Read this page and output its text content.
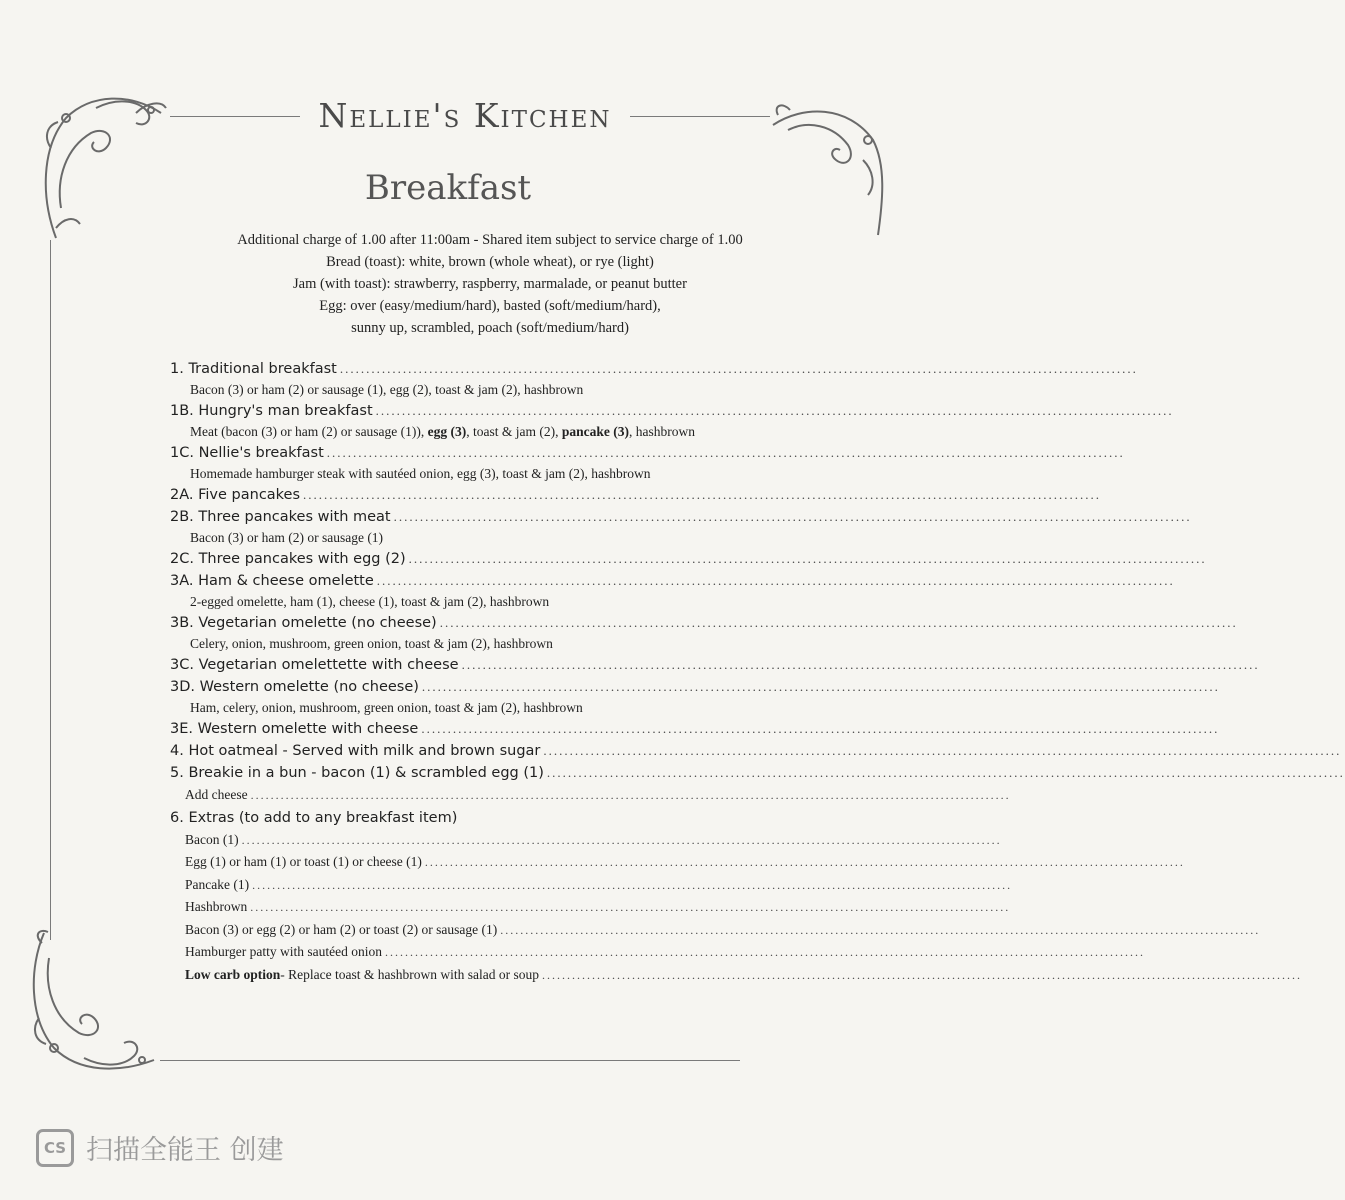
Nellie's Kitchen
Breakfast
Additional charge of 1.00 after 11:00am - Shared item subject to service charge of 1.00
Bread (toast): white, brown (whole wheat), or rye (light)
Jam (with toast): strawberry, raspberry, marmalade, or peanut butter
Egg: over (easy/medium/hard), basted (soft/medium/hard),
sunny up, scrambled, poach (soft/medium/hard)
1. Traditional breakfast ........................................................................................................................................................
Bacon (3) or ham (2) or sausage (1), egg (2), toast & jam (2), hashbrown
1B. Hungry's man breakfast ........................................................................................................................................................
Meat (bacon (3) or ham (2) or sausage (1)), egg (3), toast & jam (2), pancake (3), hashbrown
1C. Nellie's breakfast ........................................................................................................................................................
Homemade hamburger steak with sautéed onion, egg (3), toast & jam (2), hashbrown
2A. Five pancakes ........................................................................................................................................................
2B. Three pancakes with meat ........................................................................................................................................................
Bacon (3) or ham (2) or sausage (1)
2C. Three pancakes with egg (2) ........................................................................................................................................................
3A. Ham & cheese omelette ........................................................................................................................................................
2-egged omelette, ham (1), cheese (1), toast & jam (2), hashbrown
3B. Vegetarian omelette (no cheese) ........................................................................................................................................................
Celery, onion, mushroom, green onion, toast & jam (2), hashbrown
3C. Vegetarian omelettette with cheese ........................................................................................................................................................
3D. Western omelette (no cheese) ........................................................................................................................................................
Ham, celery, onion, mushroom, green onion, toast & jam (2), hashbrown
3E. Western omelette with cheese ........................................................................................................................................................
4. Hot oatmeal - Served with milk and brown sugar ........................................................................................................................................................
5. Breakie in a bun - bacon (1) & scrambled egg (1) ........................................................................................................................................................
Add cheese ........................................................................................................................................................
6. Extras (to add to any breakfast item)
Bacon (1) ........................................................................................................................................................
Egg (1) or ham (1) or toast (1) or cheese (1) ........................................................................................................................................................
Pancake (1) ........................................................................................................................................................
Hashbrown ........................................................................................................................................................
Bacon (3) or egg (2) or ham (2) or toast (2) or sausage (1) ........................................................................................................................................................
Hamburger patty with sautéed onion ........................................................................................................................................................
Low carb option - Replace toast & hashbrown with salad or soup ........................................................................................................................................................
CS 扫描全能王 创建
